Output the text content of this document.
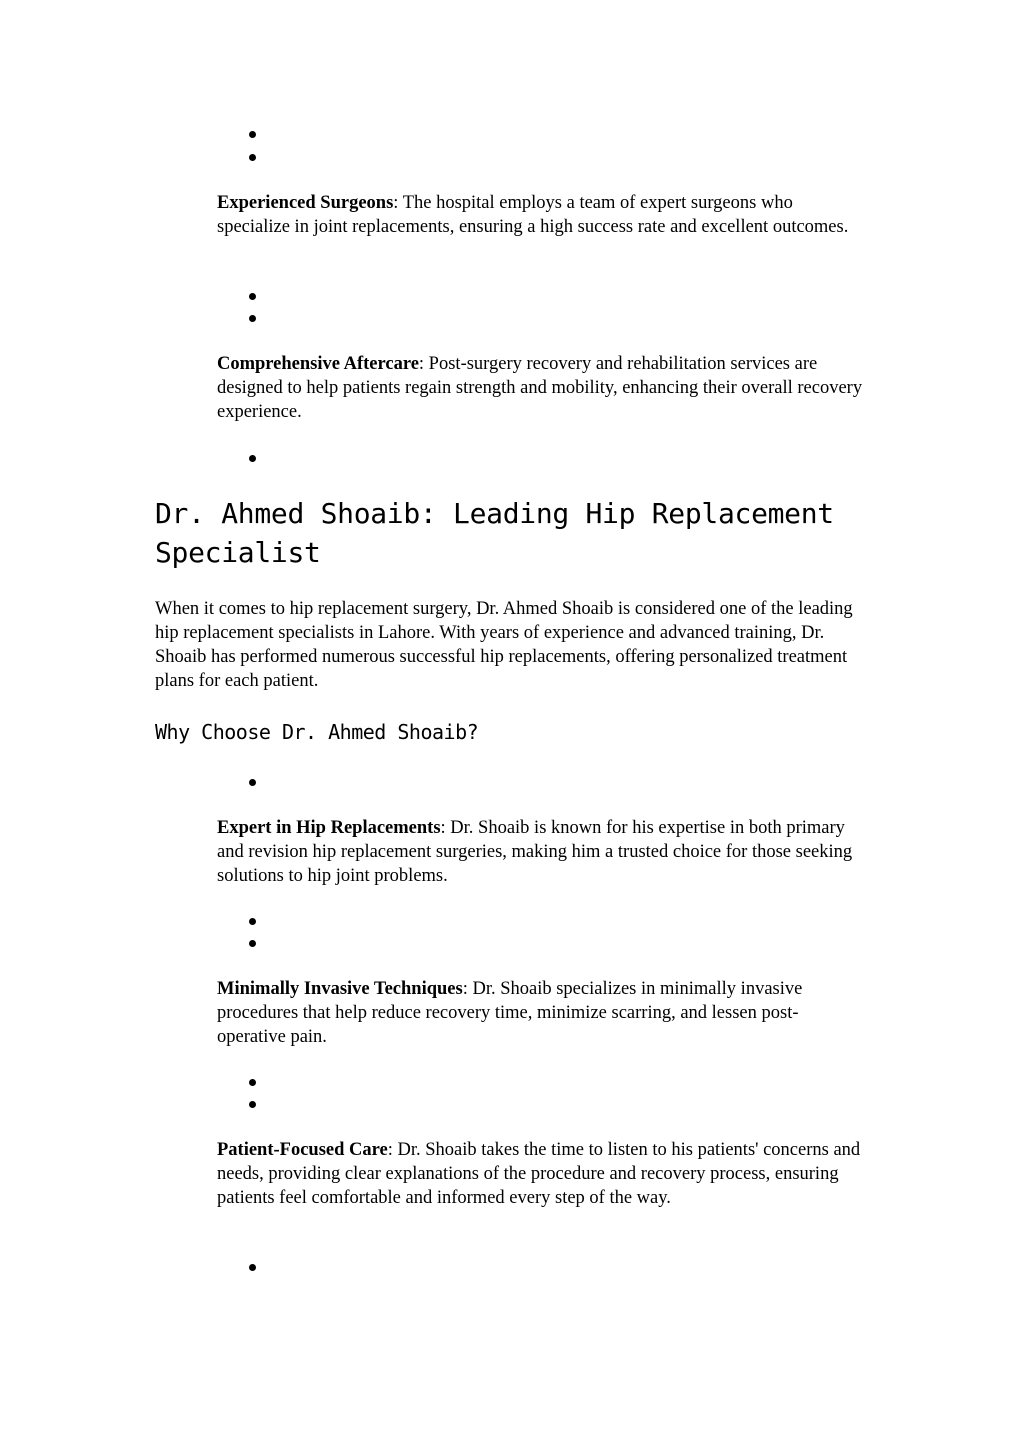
Experienced Surgeons: The hospital employs a team of expert surgeons who specialize in joint replacements, ensuring a high success rate and excellent outcomes.

Comprehensive Aftercare: Post-surgery recovery and rehabilitation services are designed to help patients regain strength and mobility, enhancing their overall recovery experience.

Dr. Ahmed Shoaib: Leading Hip Replacement Specialist

When it comes to hip replacement surgery, Dr. Ahmed Shoaib is considered one of the leading hip replacement specialists in Lahore. With years of experience and advanced training, Dr. Shoaib has performed numerous successful hip replacements, offering personalized treatment plans for each patient.

Why Choose Dr. Ahmed Shoaib?

Expert in Hip Replacements: Dr. Shoaib is known for his expertise in both primary and revision hip replacement surgeries, making him a trusted choice for those seeking solutions to hip joint problems.

Minimally Invasive Techniques: Dr. Shoaib specializes in minimally invasive procedures that help reduce recovery time, minimize scarring, and lessen post-operative pain.

Patient-Focused Care: Dr. Shoaib takes the time to listen to his patients' concerns and needs, providing clear explanations of the procedure and recovery process, ensuring patients feel comfortable and informed every step of the way.
